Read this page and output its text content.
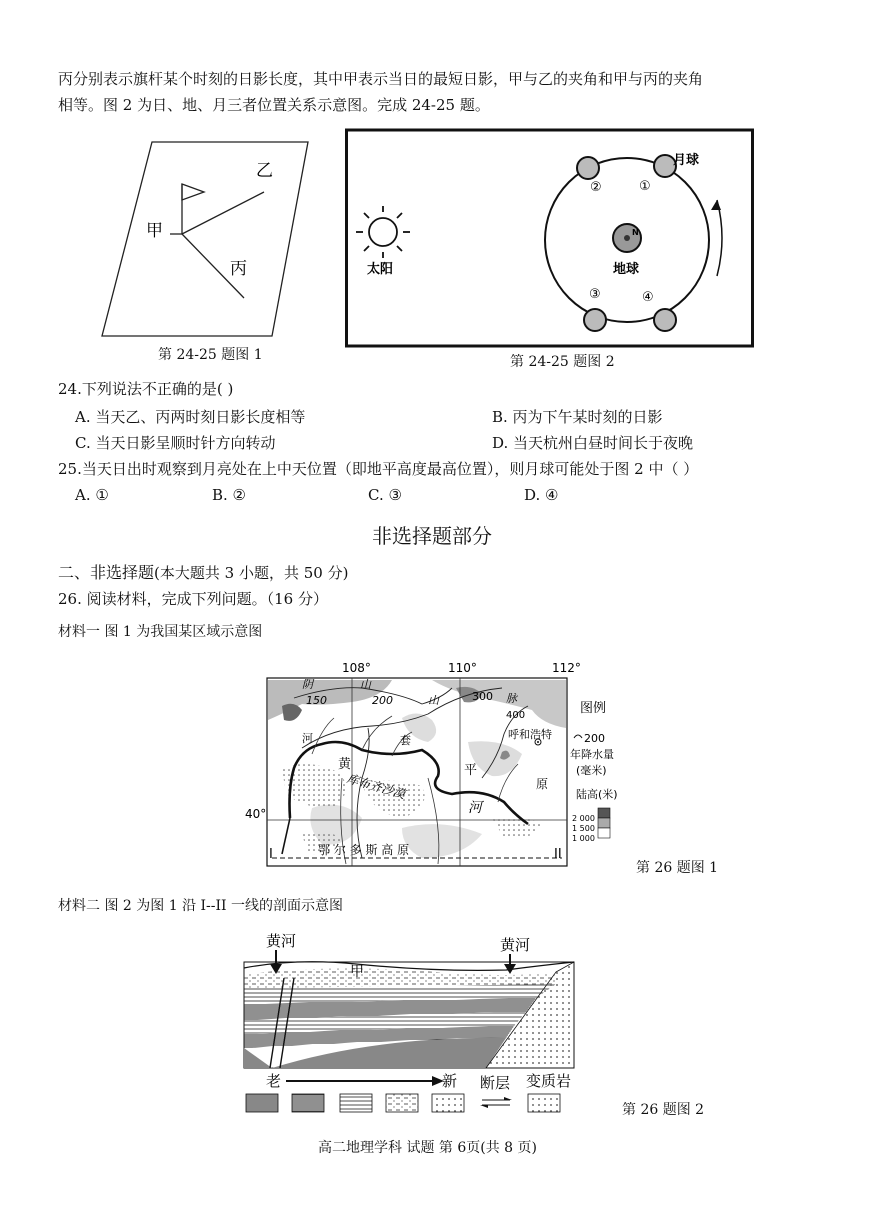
丙分别表示旗杆某个时刻的日影长度，其中甲表示当日的最短日影，甲与乙的夹角和甲与丙的夹角
相等。图 2 为日、地、月三者位置关系示意图。完成 24-25 题。
甲
乙
丙
第 24-25 题图 1
太阳
N
地球
月球
②	①
③	④
第 24-25 题图 2
24.下列说法不正确的是( )
A. 当天乙、丙两时刻日影长度相等	B. 丙为下午某时刻的日影
C. 当天日影呈顺时针方向转动	D. 当天杭州白昼时间长于夜晚
25.当天日出时观察到月亮处在上中天位置（即地平高度最高位置），则月球可能处于图 2 中（ ）
A. ①	B. ②	C. ③	D. ④
非选择题部分
二、非选择题(本大题共 3 小题，共 50 分)
26. 阅读材料，完成下列问题。（16 分）
材料一 图 1 为我国某区域示意图
108°	110°	112°
40°
阴
150
山
200	山	300 脉
400
呼和浩特
河	套
黄
库布齐沙漠
平
原
河
鄂 尔 多 斯 高 原
I	II
图例
200
年降水量
(毫米)
陆高(米)
2 000
1 500
1 000
第 26 题图 1
材料二 图 2 为图 1 沿 I--II 一线的剖面示意图
黄河	黄河
甲
老	新 断层 变质岩
第 26 题图 2
高二地理学科 试题 第 6页(共 8 页)
